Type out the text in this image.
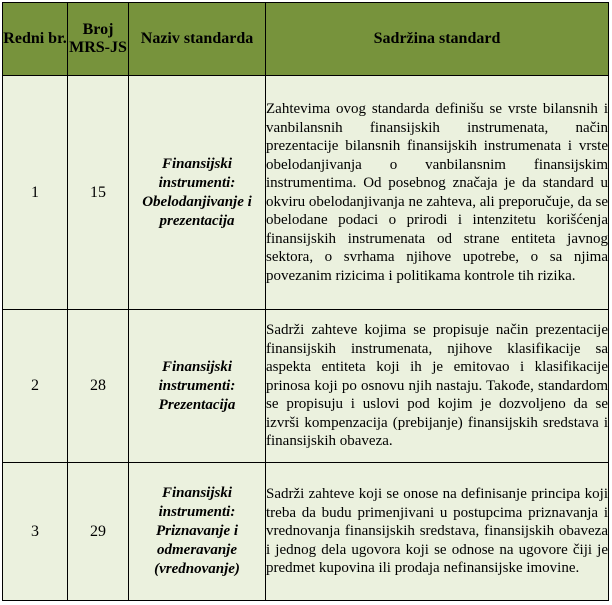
Redni br.	Broj MRS-JS	Naziv standarda	Sadržina standard
1	15	Finansijski instrumenti: Obelodanjivanje i prezentacija	Zahtevima ovog standarda definišu se vrste bilansnih i vanbilansnih finansijskih instrumenata, način prezentacije bilansnih finansijskih instrumenata i vrste obelodanjivanja o vanbilansnim finansijskim instrumentima. Od posebnog značaja je da standard u okviru obelodanjivanja ne zahteva, ali preporučuje, da se obelodane podaci o prirodi i intenzitetu korišćenja finansijskih instrumenata od strane entiteta javnog sektora, o svrhama njihove upotrebe, o sa njima povezanim rizicima i politikama kontrole tih rizika.

2	28	Finansijski instrumenti: Prezentacija	Sadrži zahteve kojima se propisuje način prezentacije finansijskih instrumenata, njihove klasifikacije sa aspekta entiteta koji ih je emitovao i klasifikacije prinosa koji po osnovu njih nastaju. Takođe, standardom se propisuju i uslovi pod kojim je dozvoljeno da se izvrši kompenzacija (prebijanje) finansijskih sredstava i finansijskih obaveza.

3	29	Finansijski instrumenti: Priznavanje i odmeravanje (vrednovanje)	Sadrži zahteve koji se onose na definisanje principa koji treba da budu primenjivani u postupcima priznavanja i vrednovanja finansijskih sredstava, finansijskih obaveza i jednog dela ugovora koji se odnose na ugovore čiji je predmet kupovina ili prodaja nefinansijske imovine.
